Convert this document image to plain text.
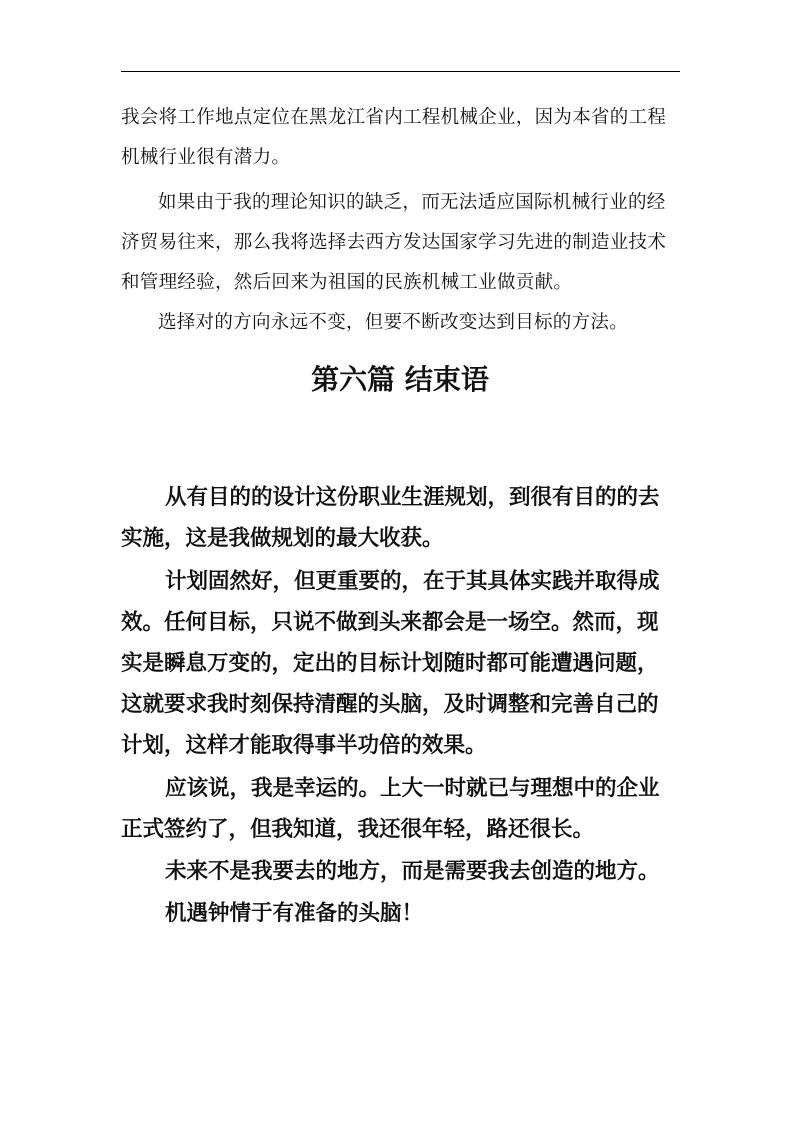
我会将工作地点定位在黑龙江省内工程机械企业，因为本省的工程
机械行业很有潜力。

如果由于我的理论知识的缺乏，而无法适应国际机械行业的经
济贸易往来，那么我将选择去西方发达国家学习先进的制造业技术
和管理经验，然后回来为祖国的民族机械工业做贡献。

选择对的方向永远不变，但要不断改变达到目标的方法。

第六篇 结束语

从有目的的设计这份职业生涯规划，到很有目的的去
实施，这是我做规划的最大收获。

计划固然好，但更重要的，在于其具体实践并取得成
效。任何目标，只说不做到头来都会是一场空。然而，现
实是瞬息万变的，定出的目标计划随时都可能遭遇问题，
这就要求我时刻保持清醒的头脑，及时调整和完善自己的
计划，这样才能取得事半功倍的效果。

应该说，我是幸运的。上大一时就已与理想中的企业
正式签约了，但我知道，我还很年轻，路还很长。

未来不是我要去的地方，而是需要我去创造的地方。

机遇钟情于有准备的头脑！
